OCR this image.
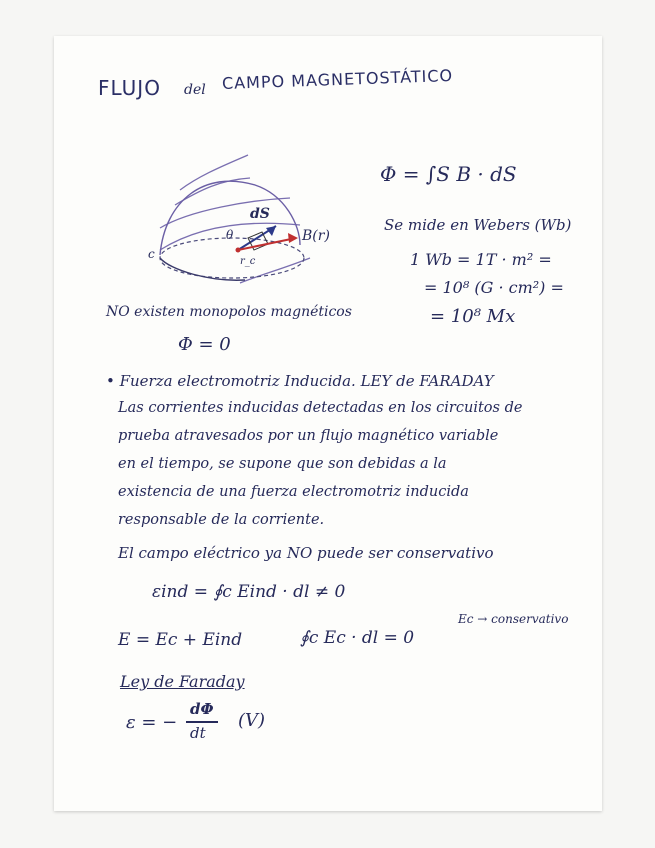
FLUJO del CAMPO MAGNETOSTÁTICO
dS
B(r)
c
θ
r_c
Φ = ∫S B · dS
Se mide en Webers (Wb)
1 Wb = 1T · m² =
= 10⁸ (G · cm²) =
= 10⁸ Mx
NO existen monopolos magnéticos
Φ = 0
• Fuerza electromotriz Inducida. LEY de FARADAY
Las corrientes inducidas detectadas en los circuitos de
prueba atravesados por un flujo magnético variable
en el tiempo, se supone que son debidas a la
existencia de una fuerza electromotriz inducida
responsable de la corriente.
El campo eléctrico ya NO puede ser conservativo
εind = ∮c Eind · dl ≠ 0
E = Ec + Eind	∮c Ec · dl = 0
Ec → conservativo
Ley de Faraday
ε = −
dΦ
dt
(V)
